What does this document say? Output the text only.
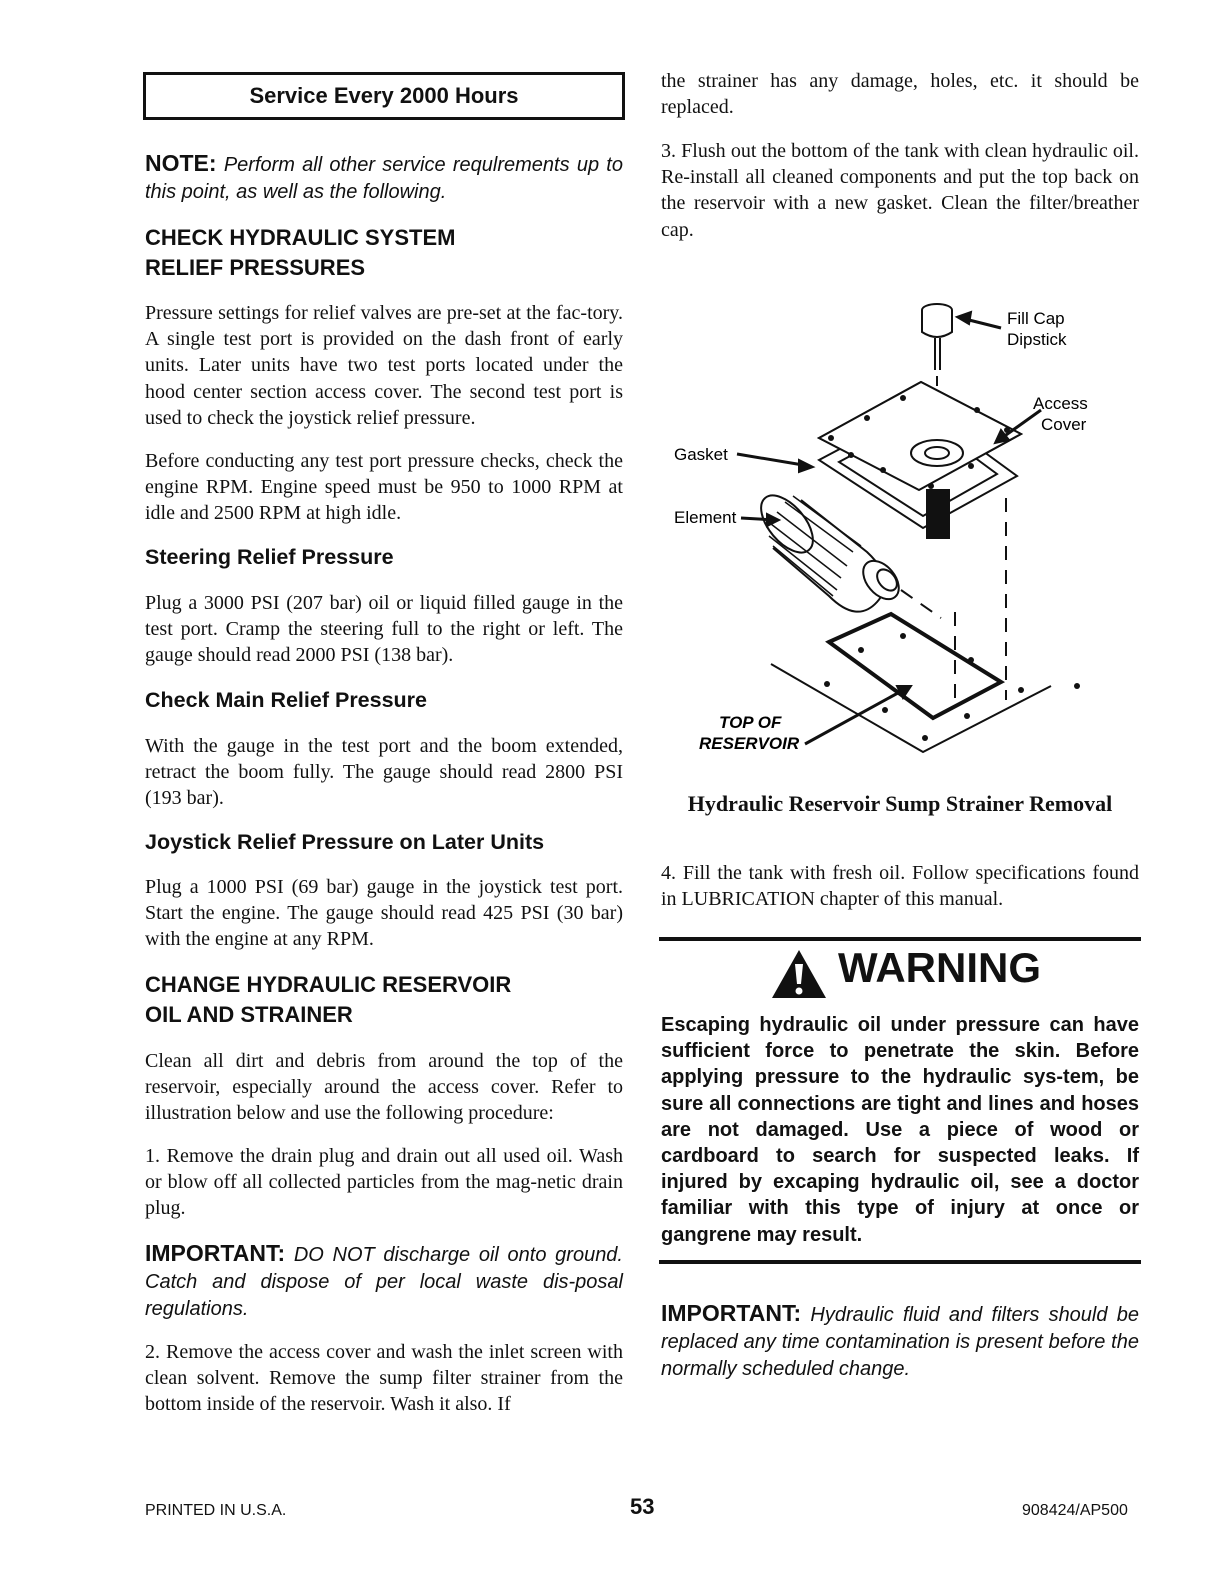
Service Every 2000 Hours
NOTE: Perform all other service requlrements up to this point, as well as the following.
CHECK HYDRAULIC SYSTEM
RELIEF PRESSURES

Pressure settings for relief valves are pre-set at the fac-tory. A single test port is provided on the dash front of early units. Later units have two test ports located under the hood center section access cover. The second test port is used to check the joystick relief pressure.

Before conducting any test port pressure checks, check the engine RPM. Engine speed must be 950 to 1000 RPM at idle and 2500 RPM at high idle.

Steering Relief Pressure

Plug a 3000 PSI (207 bar) oil or liquid filled gauge in the test port. Cramp the steering full to the right or left. The gauge should read 2000 PSI (138 bar).

Check Main Relief Pressure

With the gauge in the test port and the boom extended, retract the boom fully. The gauge should read 2800 PSI (193 bar).

Joystick Relief Pressure on Later Units

Plug a 1000 PSI (69 bar) gauge in the joystick test port. Start the engine. The gauge should read 425 PSI (30 bar) with the engine at any RPM.

CHANGE HYDRAULIC RESERVOIR
OIL AND STRAINER

Clean all dirt and debris from around the top of the reservoir, especially around the access cover. Refer to illustration below and use the following procedure:

1. Remove the drain plug and drain out all used oil. Wash or blow off all collected particles from the mag-netic drain plug.

IMPORTANT: DO NOT discharge oil onto ground. Catch and dispose of per local waste dis-posal regulations.

2. Remove the access cover and wash the inlet screen with clean solvent. Remove the sump filter strainer from the bottom inside of the reservoir. Wash it also. If

the strainer has any damage, holes, etc. it should be replaced.

3. Flush out the bottom of the tank with clean hydraulic oil. Re-install all cleaned components and put the top back on the reservoir with a new gasket. Clean the filter/breather cap.

Fill Cap
Dipstick
Access
Cover
Gasket
Element
TOP OF
RESERVOIR
Hydraulic Reservoir Sump Strainer Removal

4. Fill the tank with fresh oil. Follow specifications found in LUBRICATION chapter of this manual.

WARNING

Escaping hydraulic oil under pressure can have sufficient force to penetrate the skin. Before applying pressure to the hydraulic sys-tem, be sure all connections are tight and lines and hoses are not damaged. Use a piece of wood or cardboard to search for suspected leaks. If injured by excaping hydraulic oil, see a doctor familiar with this type of injury at once or gangrene may result.

IMPORTANT: Hydraulic fluid and filters should be replaced any time contamination is present before the normally scheduled change.
PRINTED IN U.S.A.	53	908424/AP500
